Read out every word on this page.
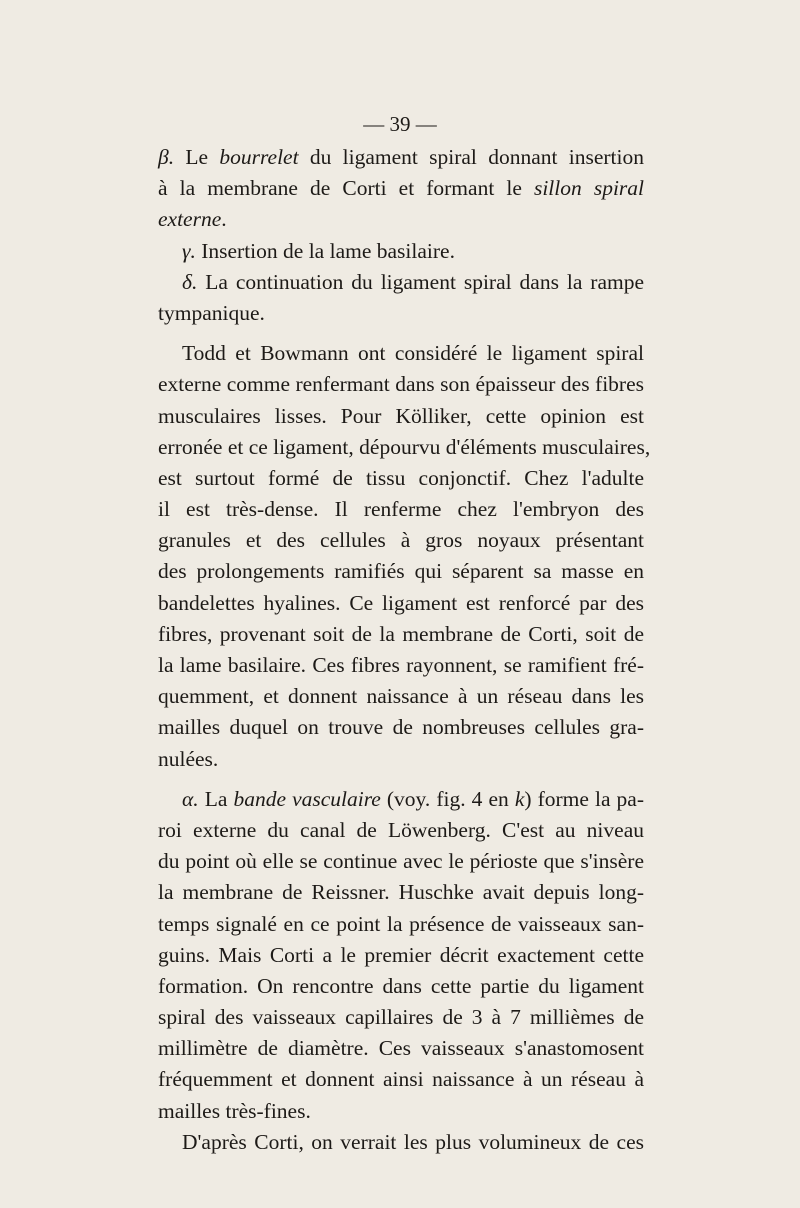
— 39 —
β. Le bourrelet du ligament spiral donnant insertion
à la membrane de Corti et formant le sillon spiral
externe.
γ. Insertion de la lame basilaire.
δ. La continuation du ligament spiral dans la rampe
tympanique.
Todd et Bowmann ont considéré le ligament spiral
externe comme renfermant dans son épaisseur des fibres
musculaires lisses. Pour Kölliker, cette opinion est
erronée et ce ligament, dépourvu d'éléments musculaires,
est surtout formé de tissu conjonctif. Chez l'adulte
il est très-dense. Il renferme chez l'embryon des
granules et des cellules à gros noyaux présentant
des prolongements ramifiés qui séparent sa masse en
bandelettes hyalines. Ce ligament est renforcé par des
fibres, provenant soit de la membrane de Corti, soit de
la lame basilaire. Ces fibres rayonnent, se ramifient fré-
quemment, et donnent naissance à un réseau dans les
mailles duquel on trouve de nombreuses cellules gra-
nulées.
α. La bande vasculaire (voy. fig. 4 en k) forme la pa-
roi externe du canal de Löwenberg. C'est au niveau
du point où elle se continue avec le périoste que s'insère
la membrane de Reissner. Huschke avait depuis long-
temps signalé en ce point la présence de vaisseaux san-
guins. Mais Corti a le premier décrit exactement cette
formation. On rencontre dans cette partie du ligament
spiral des vaisseaux capillaires de 3 à 7 millièmes de
millimètre de diamètre. Ces vaisseaux s'anastomosent
fréquemment et donnent ainsi naissance à un réseau à
mailles très-fines.
D'après Corti, on verrait les plus volumineux de ces
